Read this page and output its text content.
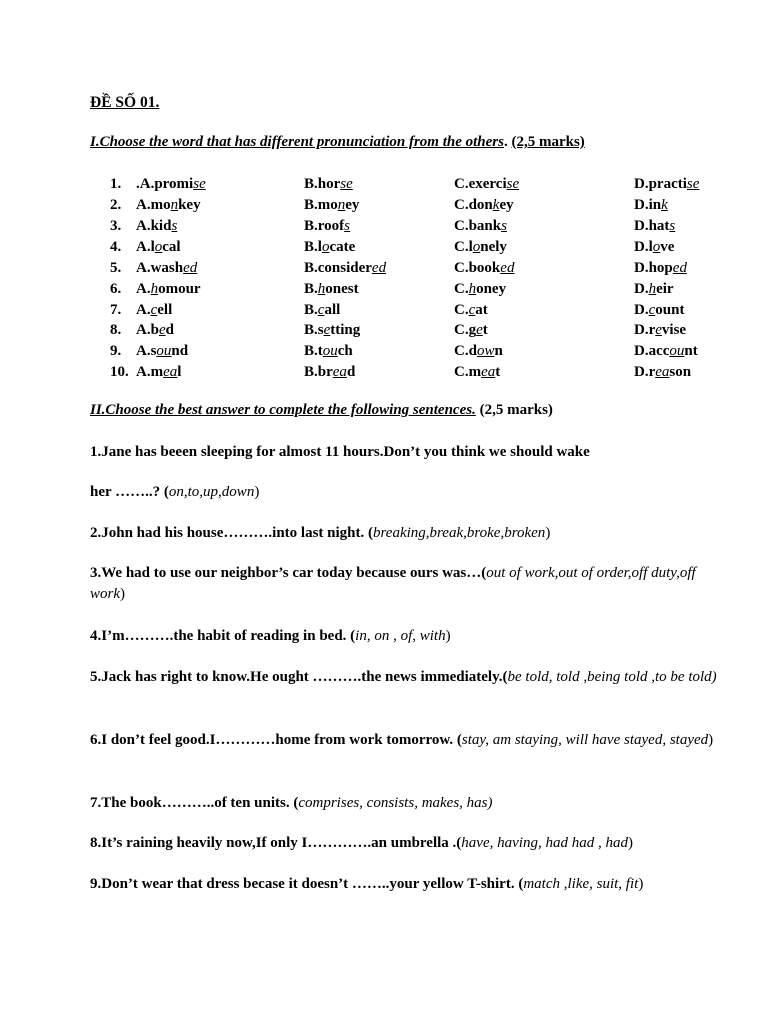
ĐỀ SỐ 01.
I.Choose the word that has different pronunciation from the others. (2,5 marks)
1. .A.promise	B.horse	C.exercise	D.practise
2. A.monkey	B.money	C.donkey	D.ink
3. A.kids	B.roofs	C.banks	D.hats
4. A.local	B.locate	C.lonely	D.love
5. A.washed	B.considered	C.booked	D.hoped
6. A.homour	B.honest	C.honey	D.heir
7. A.cell	B.call	C.cat	D.count
8. A.bed	B.setting	C.get	D.revise
9. A.sound	B.touch	C.down	D.account
10. A.meal	B.bread	C.meat	D.reason
II.Choose the best answer to complete the following sentences. (2,5 marks)
1.Jane has beeen sleeping for almost 11 hours.Don’t you think we should wake
her ……..? (on,to,up,down)
2.John had his house……….into last night. (breaking,break,broke,broken)
3.We had to use our neighbor’s car today because ours was…(out of work,out of order,off duty,off work)
4.I’m……….the habit of reading in bed. (in, on , of, with)
5.Jack has right to know.He ought ……….the news immediately.(be told, told ,being told ,to be told)
6.I don’t feel good.I…………home from work tomorrow. (stay, am staying, will have stayed, stayed)
7.The book………..of ten units. (comprises, consists, makes, has)
8.It’s raining heavily now,If only I………….an umbrella .(have, having, had had , had)
9.Don’t wear that dress becase it doesn’t ……..your yellow T-shirt. (match ,like, suit, fit)
